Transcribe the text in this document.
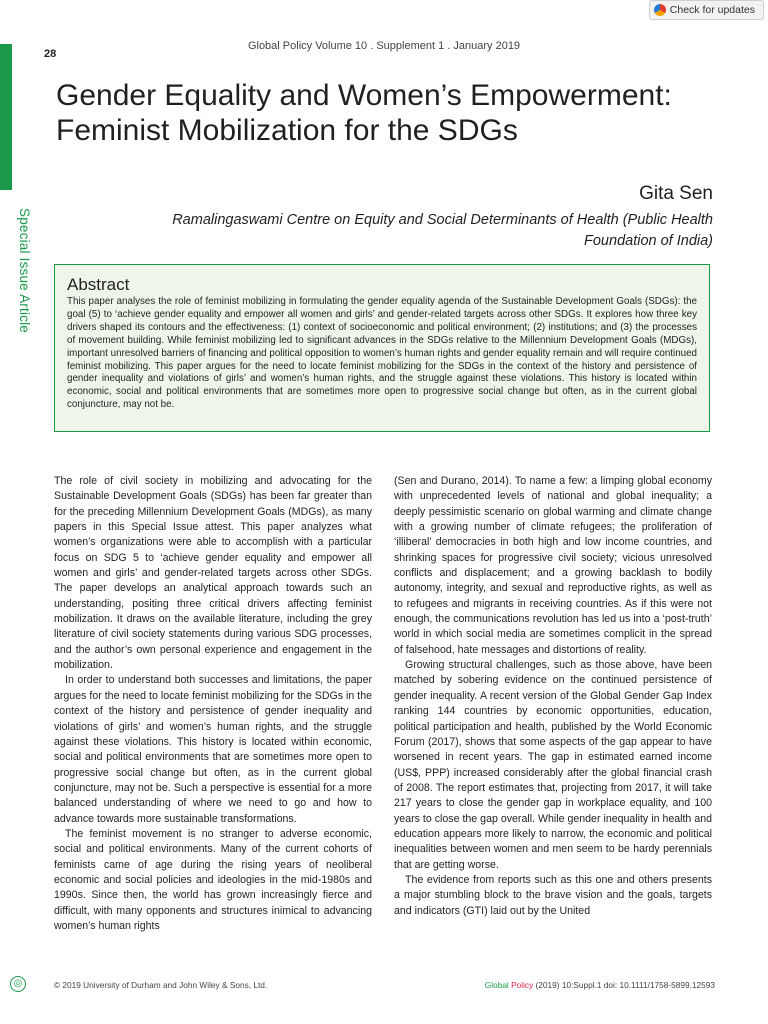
Special Issue Article
28
Global Policy Volume 10 . Supplement 1 . January 2019
Check for updates
Gender Equality and Women’s Empowerment: Feminist Mobilization for the SDGs
Gita Sen
Ramalingaswami Centre on Equity and Social Determinants of Health (Public Health Foundation of India)
Abstract

This paper analyses the role of feminist mobilizing in formulating the gender equality agenda of the Sustainable Development Goals (SDGs): the goal (5) to ‘achieve gender equality and empower all women and girls’ and gender-related targets across other SDGs. It explores how three key drivers shaped its contours and the effectiveness: (1) context of socioeconomic and political environment; (2) institutions; and (3) the processes of movement building. While feminist mobilizing led to significant advances in the SDGs relative to the Millennium Development Goals (MDGs), important unresolved barriers of financing and political opposition to women’s human rights and gender equality remain and will require continued feminist mobilizing. This paper argues for the need to locate feminist mobilizing for the SDGs in the context of the history and persistence of gender inequality and violations of girls’ and women’s human rights, and the struggle against these violations. This history is located within economic, social and political environments that are sometimes more open to progressive social change but often, as in the current global conjuncture, may not be.

The role of civil society in mobilizing and advocating for the Sustainable Development Goals (SDGs) has been far greater than for the preceding Millennium Development Goals (MDGs), as many papers in this Special Issue attest. This paper analyzes what women’s organizations were able to accomplish with a particular focus on SDG 5 to ‘achieve gender equality and empower all women and girls’ and gender-related targets across other SDGs. The paper develops an analytical approach towards such an understanding, positing three critical drivers affecting feminist mobilization. It draws on the available literature, including the grey literature of civil society statements during various SDG processes, and the author’s own personal experience and engagement in the mobilization.

In order to understand both successes and limitations, the paper argues for the need to locate feminist mobilizing for the SDGs in the context of the history and persistence of gender inequality and violations of girls’ and women’s human rights, and the struggle against these violations. This history is located within economic, social and political environments that are sometimes more open to progressive social change but often, as in the current global conjuncture, may not be. Such a perspective is essential for a more balanced understanding of where we need to go and how to advance towards more sustainable transformations.

The feminist movement is no stranger to adverse economic, social and political environments. Many of the current cohorts of feminists came of age during the rising years of neoliberal economic and social policies and ideologies in the mid-1980s and 1990s. Since then, the world has grown increasingly fierce and difficult, with many opponents and structures inimical to advancing women’s human rights

(Sen and Durano, 2014). To name a few: a limping global economy with unprecedented levels of national and global inequality; a deeply pessimistic scenario on global warming and climate change with a growing number of climate refugees; the proliferation of ‘illiberal’ democracies in both high and low income countries, and shrinking spaces for progressive civil society; vicious unresolved conflicts and displacement; and a growing backlash to bodily autonomy, integrity, and sexual and reproductive rights, as well as to refugees and migrants in receiving countries. As if this were not enough, the communications revolution has led us into a ‘post-truth’ world in which social media are sometimes complicit in the spread of falsehood, hate messages and distortions of reality.

Growing structural challenges, such as those above, have been matched by sobering evidence on the continued persistence of gender inequality. A recent version of the Global Gender Gap Index ranking 144 countries by economic opportunities, education, political participation and health, published by the World Economic Forum (2017), shows that some aspects of the gap appear to have worsened in recent years. The gap in estimated earned income (US$, PPP) increased considerably after the global financial crash of 2008. The report estimates that, projecting from 2017, it will take 217 years to close the gender gap in workplace equality, and 100 years to close the gap overall. While gender inequality in health and education appears more likely to narrow, the economic and political inequalities between women and men seem to be hardy perennials that are getting worse.

The evidence from reports such as this one and others presents a major stumbling block to the brave vision and the goals, targets and indicators (GTI) laid out by the United

◎	© 2019 University of Durham and John Wiley & Sons, Ltd.	Global Policy (2019) 10:Suppl.1 doi: 10.1111/1758-5899.12593
